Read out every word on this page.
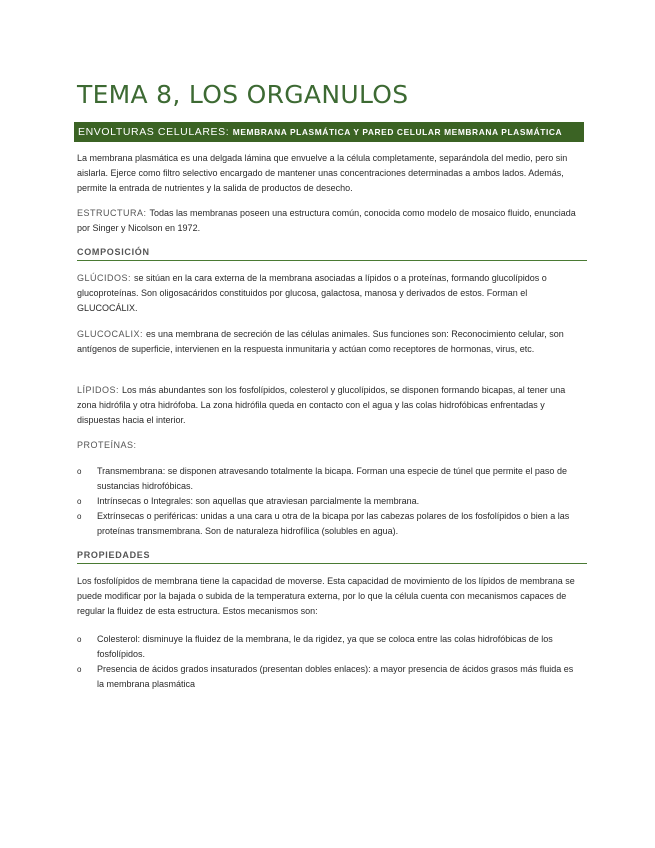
TEMA 8, LOS ORGANULOS
ENVOLTURAS CELULARES: MEMBRANA PLASMÁTICA Y PARED CELULAR MEMBRANA PLASMÁTICA

La membrana plasmática es una delgada lámina que envuelve a la célula completamente, separándola del medio, pero sin aislarla. Ejerce como filtro selectivo encargado de mantener unas concentraciones determinadas a ambos lados. Además, permite la entrada de nutrientes y la salida de productos de desecho.

ESTRUCTURA: Todas las membranas poseen una estructura común, conocida como modelo de mosaico fluido, enunciada por Singer y Nicolson en 1972.

COMPOSICIÓN

GLÚCIDOS: se sitúan en la cara externa de la membrana asociadas a lípidos o a proteínas, formando glucolípidos o glucoproteínas. Son oligosacáridos constituidos por glucosa, galactosa, manosa y derivados de estos. Forman el GLUCOCÁLIX.

GLUCOCALIX: es una membrana de secreción de las células animales. Sus funciones son: Reconocimiento celular, son antígenos de superficie, intervienen en la respuesta inmunitaria y actúan como receptores de hormonas, virus, etc.

LÍPIDOS: Los más abundantes son los fosfolípidos, colesterol y glucolípidos, se disponen formando bicapas, al tener una zona hidrófila y otra hidrófoba. La zona hidrófila queda en contacto con el agua y las colas hidrofóbicas enfrentadas y dispuestas hacia el interior.

PROTEÍNAS:

o Transmembrana: se disponen atravesando totalmente la bicapa. Forman una especie de túnel que permite el paso de sustancias hidrofóbicas.
o Intrínsecas o Integrales: son aquellas que atraviesan parcialmente la membrana.
o Extrínsecas o periféricas: unidas a una cara u otra de la bicapa por las cabezas polares de los fosfolípidos o bien a las proteínas transmembrana. Son de naturaleza hidrofílica (solubles en agua).
PROPIEDADES

Los fosfolípidos de membrana tiene la capacidad de moverse. Esta capacidad de movimiento de los lípidos de membrana se puede modificar por la bajada o subida de la temperatura externa, por lo que la célula cuenta con mecanismos capaces de regular la fluidez de esta estructura. Estos mecanismos son:

o Colesterol: disminuye la fluidez de la membrana, le da rigidez, ya que se coloca entre las colas hidrofóbicas de los fosfolípidos.
o Presencia de ácidos grados insaturados (presentan dobles enlaces): a mayor presencia de ácidos grasos más fluida es la membrana plasmática
